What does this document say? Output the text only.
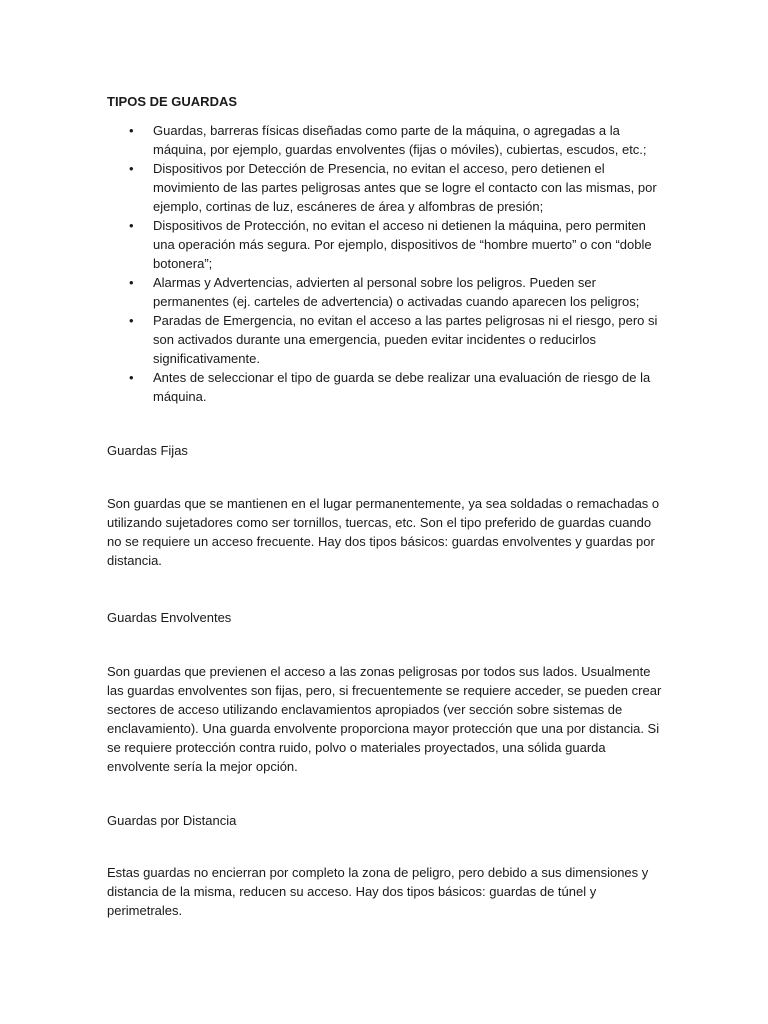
TIPOS DE GUARDAS
• Guardas, barreras físicas diseñadas como parte de la máquina, o agregadas a la máquina, por ejemplo, guardas envolventes (fijas o móviles), cubiertas, escudos, etc.;
• Dispositivos por Detección de Presencia, no evitan el acceso, pero detienen el movimiento de las partes peligrosas antes que se logre el contacto con las mismas, por ejemplo, cortinas de luz, escáneres de área y alfombras de presión;
• Dispositivos de Protección, no evitan el acceso ni detienen la máquina, pero permiten una operación más segura. Por ejemplo, dispositivos de “hombre muerto” o con “doble botonera”;
• Alarmas y Advertencias, advierten al personal sobre los peligros. Pueden ser permanentes (ej. carteles de advertencia) o activadas cuando aparecen los peligros;
• Paradas de Emergencia, no evitan el acceso a las partes peligrosas ni el riesgo, pero si son activados durante una emergencia, pueden evitar incidentes o reducirlos significativamente.
• Antes de seleccionar el tipo de guarda se debe realizar una evaluación de riesgo de la máquina.
Guardas Fijas

Son guardas que se mantienen en el lugar permanentemente, ya sea soldadas o remachadas o utilizando sujetadores como ser tornillos, tuercas, etc. Son el tipo preferido de guardas cuando no se requiere un acceso frecuente. Hay dos tipos básicos: guardas envolventes y guardas por distancia.

Guardas Envolventes

Son guardas que previenen el acceso a las zonas peligrosas por todos sus lados. Usualmente las guardas envolventes son fijas, pero, si frecuentemente se requiere acceder, se pueden crear sectores de acceso utilizando enclavamientos apropiados (ver sección sobre sistemas de enclavamiento). Una guarda envolvente proporciona mayor protección que una por distancia. Si se requiere protección contra ruido, polvo o materiales proyectados, una sólida guarda envolvente sería la mejor opción.

Guardas por Distancia

Estas guardas no encierran por completo la zona de peligro, pero debido a sus dimensiones y distancia de la misma, reducen su acceso. Hay dos tipos básicos: guardas de túnel y perimetrales.
